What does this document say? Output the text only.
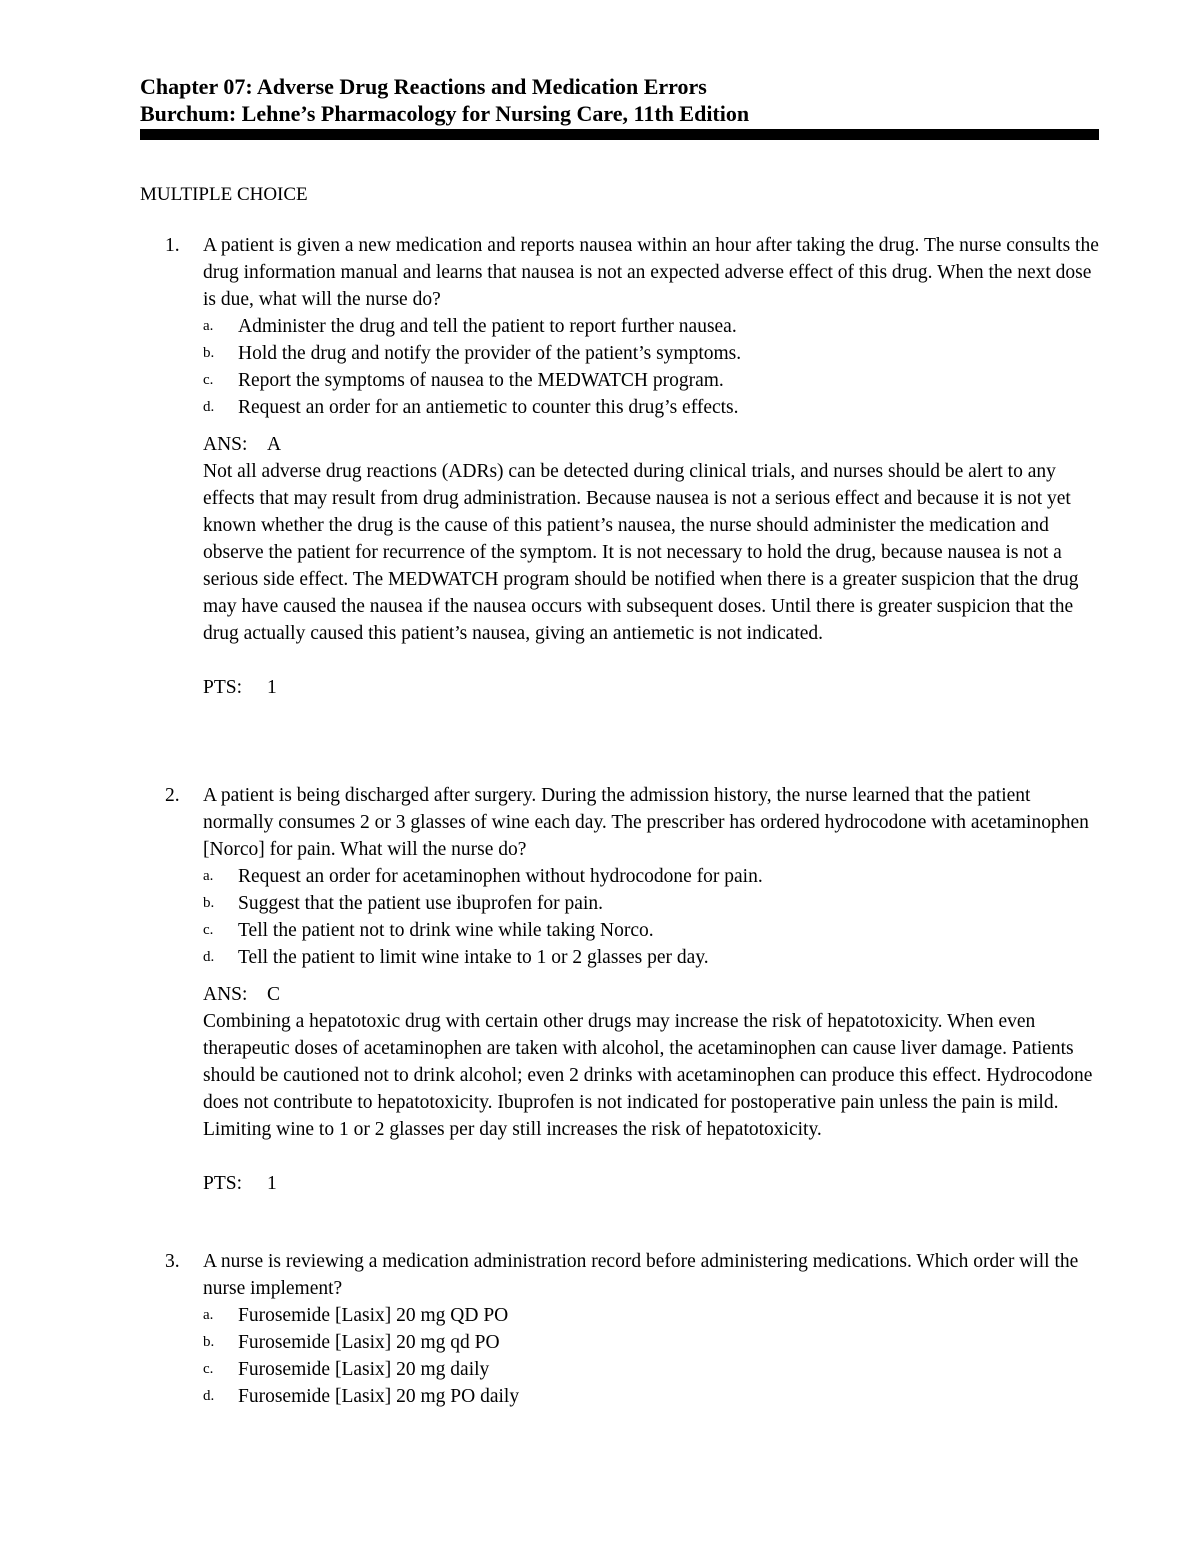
Chapter 07: Adverse Drug Reactions and Medication Errors
Burchum: Lehne’s Pharmacology for Nursing Care, 11th Edition
MULTIPLE CHOICE
1. A patient is given a new medication and reports nausea within an hour after taking the drug. The nurse consults the drug information manual and learns that nausea is not an expected adverse effect of this drug. When the next dose is due, what will the nurse do?
a. Administer the drug and tell the patient to report further nausea.
b. Hold the drug and notify the provider of the patient’s symptoms.
c. Report the symptoms of nausea to the MEDWATCH program.
d. Request an order for an antiemetic to counter this drug’s effects.
ANS: A
Not all adverse drug reactions (ADRs) can be detected during clinical trials, and nurses should be alert to any effects that may result from drug administration. Because nausea is not a serious effect and because it is not yet known whether the drug is the cause of this patient’s nausea, the nurse should administer the medication and observe the patient for recurrence of the symptom. It is not necessary to hold the drug, because nausea is not a serious side effect. The MEDWATCH program should be notified when there is a greater suspicion that the drug may have caused the nausea if the nausea occurs with subsequent doses. Until there is greater suspicion that the drug actually caused this patient’s nausea, giving an antiemetic is not indicated.
PTS: 1
2. A patient is being discharged after surgery. During the admission history, the nurse learned that the patient normally consumes 2 or 3 glasses of wine each day. The prescriber has ordered hydrocodone with acetaminophen [Norco] for pain. What will the nurse do?
a. Request an order for acetaminophen without hydrocodone for pain.
b. Suggest that the patient use ibuprofen for pain.
c. Tell the patient not to drink wine while taking Norco.
d. Tell the patient to limit wine intake to 1 or 2 glasses per day.
ANS: C
Combining a hepatotoxic drug with certain other drugs may increase the risk of hepatotoxicity. When even therapeutic doses of acetaminophen are taken with alcohol, the acetaminophen can cause liver damage. Patients should be cautioned not to drink alcohol; even 2 drinks with acetaminophen can produce this effect. Hydrocodone does not contribute to hepatotoxicity. Ibuprofen is not indicated for postoperative pain unless the pain is mild. Limiting wine to 1 or 2 glasses per day still increases the risk of hepatotoxicity.
PTS: 1
3. A nurse is reviewing a medication administration record before administering medications. Which order will the nurse implement?
a. Furosemide [Lasix] 20 mg QD PO
b. Furosemide [Lasix] 20 mg qd PO
c. Furosemide [Lasix] 20 mg daily
d. Furosemide [Lasix] 20 mg PO daily
